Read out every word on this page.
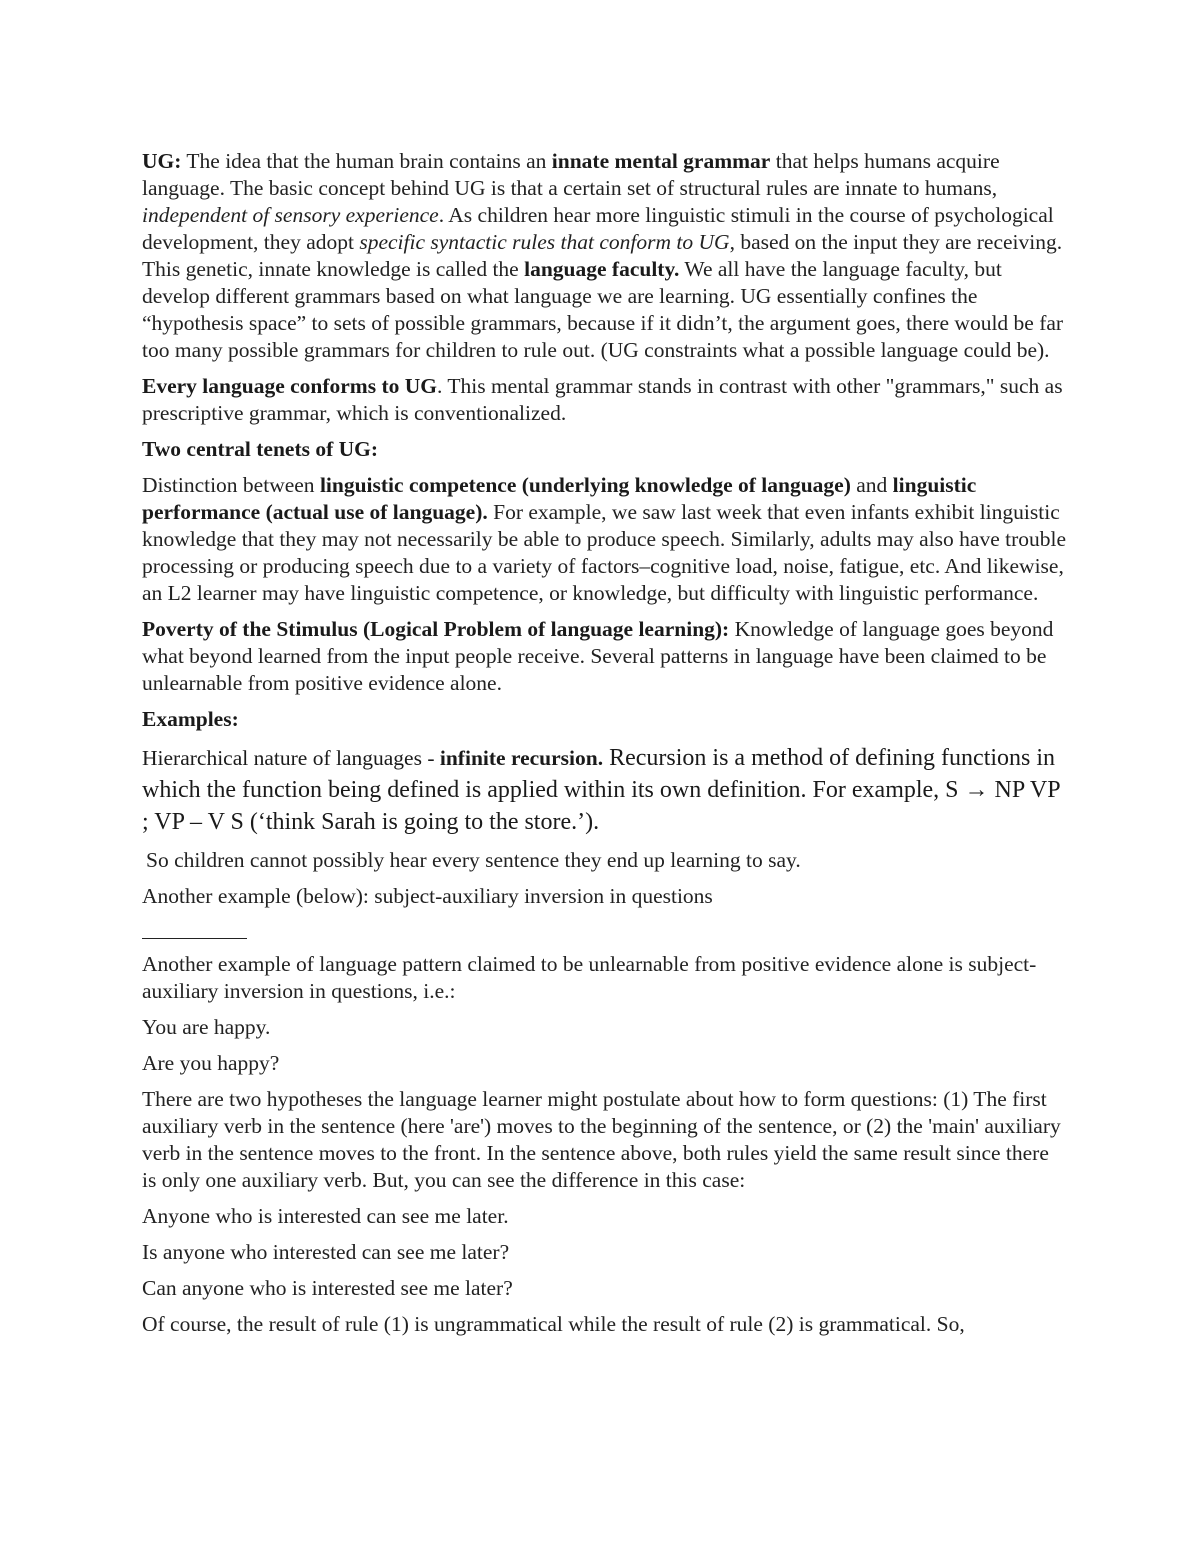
UG: The idea that the human brain contains an innate mental grammar that helps humans acquire language. The basic concept behind UG is that a certain set of structural rules are innate to humans, independent of sensory experience. As children hear more linguistic stimuli in the course of psychological development, they adopt specific syntactic rules that conform to UG, based on the input they are receiving. This genetic, innate knowledge is called the language faculty. We all have the language faculty, but develop different grammars based on what language we are learning. UG essentially confines the “hypothesis space” to sets of possible grammars, because if it didn’t, the argument goes, there would be far too many possible grammars for children to rule out. (UG constraints what a possible language could be).

Every language conforms to UG. This mental grammar stands in contrast with other "grammars," such as prescriptive grammar, which is conventionalized.

Two central tenets of UG:

Distinction between linguistic competence (underlying knowledge of language) and linguistic performance (actual use of language). For example, we saw last week that even infants exhibit linguistic knowledge that they may not necessarily be able to produce speech. Similarly, adults may also have trouble processing or producing speech due to a variety of factors–cognitive load, noise, fatigue, etc. And likewise, an L2 learner may have linguistic competence, or knowledge, but difficulty with linguistic performance.

Poverty of the Stimulus (Logical Problem of language learning): Knowledge of language goes beyond what beyond learned from the input people receive. Several patterns in language have been claimed to be unlearnable from positive evidence alone.

Examples:

Hierarchical nature of languages - infinite recursion. Recursion is a method of defining functions in which the function being defined is applied within its own definition. For example, S → NP VP ; VP – V S (‘think Sarah is going to the store.’).

So children cannot possibly hear every sentence they end up learning to say.

Another example (below): subject-auxiliary inversion in questions

Another example of language pattern claimed to be unlearnable from positive evidence alone is subject-auxiliary inversion in questions, i.e.:

You are happy.

Are you happy?

There are two hypotheses the language learner might postulate about how to form questions: (1) The first auxiliary verb in the sentence (here 'are') moves to the beginning of the sentence, or (2) the 'main' auxiliary verb in the sentence moves to the front. In the sentence above, both rules yield the same result since there is only one auxiliary verb. But, you can see the difference in this case:

Anyone who is interested can see me later.

Is anyone who interested can see me later?

Can anyone who is interested see me later?

Of course, the result of rule (1) is ungrammatical while the result of rule (2) is grammatical. So,
